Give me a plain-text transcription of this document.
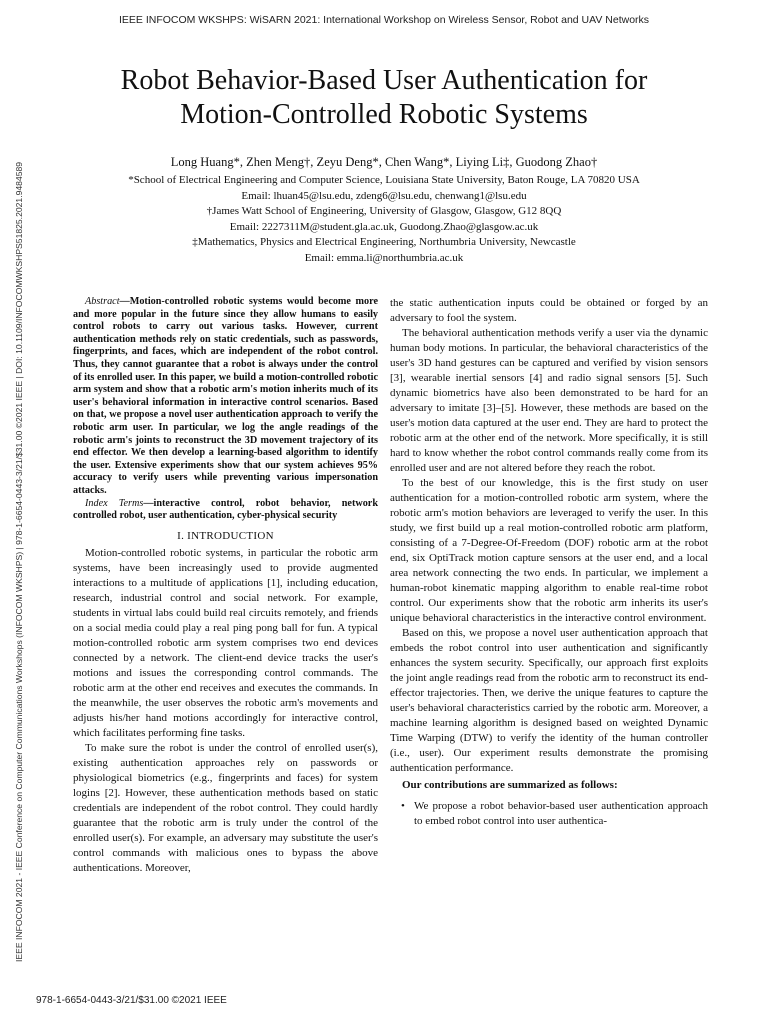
IEEE INFOCOM WKSHPS: WiSARN 2021: International Workshop on Wireless Sensor, Robot and UAV Networks
IEEE INFOCOM 2021 - IEEE Conference on Computer Communications Workshops (INFOCOM WKSHPS) | 978-1-6654-0443-3/21/$31.00 ©2021 IEEE | DOI: 10.1109/INFOCOMWKSHPS51825.2021.9484589
Robot Behavior-Based User Authentication for
Motion-Controlled Robotic Systems
Long Huang*, Zhen Meng†, Zeyu Deng*, Chen Wang*, Liying Li‡, Guodong Zhao†
*School of Electrical Engineering and Computer Science, Louisiana State University, Baton Rouge, LA 70820 USA
Email: lhuan45@lsu.edu, zdeng6@lsu.edu, chenwang1@lsu.edu
†James Watt School of Engineering, University of Glasgow, Glasgow, G12 8QQ
Email: 2227311M@student.gla.ac.uk, Guodong.Zhao@glasgow.ac.uk
‡Mathematics, Physics and Electrical Engineering, Northumbria University, Newcastle
Email: emma.li@northumbria.ac.uk

Abstract—Motion-controlled robotic systems would become more and more popular in the future since they allow humans to easily control robots to carry out various tasks. However, current authentication methods rely on static credentials, such as passwords, fingerprints, and faces, which are independent of the robot control. Thus, they cannot guarantee that a robot is always under the control of its enrolled user. In this paper, we build a motion-controlled robotic arm system and show that a robotic arm's motion inherits much of its user's behavioral information in interactive control scenarios. Based on that, we propose a novel user authentication approach to verify the robotic arm user. In particular, we log the angle readings of the robotic arm's joints to reconstruct the 3D movement trajectory of its end effector. We then develop a learning-based algorithm to identify the user. Extensive experiments show that our system achieves 95% accuracy to verify users while preventing various impersonation attacks.

Index Terms—interactive control, robot behavior, network controlled robot, user authentication, cyber-physical security

I. INTRODUCTION

Motion-controlled robotic systems, in particular the robotic arm systems, have been increasingly used to provide augmented interactions to a multitude of applications [1], including education, research, industrial control and social network. For example, students in virtual labs could build real circuits remotely, and friends on a social media could play a real ping pong ball for fun. A typical motion-controlled robotic arm system comprises two end devices connected by a network. The client-end device tracks the user's motions and issues the corresponding control commands. The robotic arm at the other end receives and executes the commands. In the meanwhile, the user observes the robotic arm's movements and adjusts his/her hand motions accordingly for interactive control, which facilitates performing fine tasks.

To make sure the robot is under the control of enrolled user(s), existing authentication approaches rely on passwords or physiological biometrics (e.g., fingerprints and faces) for system logins [2]. However, these authentication methods based on static credentials are independent of the robot control. They could hardly guarantee that the robotic arm is truly under the control of the enrolled user(s). For example, an adversary may substitute the user's control commands with malicious ones to bypass the above authentications. Moreover,

the static authentication inputs could be obtained or forged by an adversary to fool the system.

The behavioral authentication methods verify a user via the dynamic human body motions. In particular, the behavioral characteristics of the user's 3D hand gestures can be captured and verified by vision sensors [3], wearable inertial sensors [4] and radio signal sensors [5]. Such dynamic biometrics have also been demonstrated to be hard for an adversary to imitate [3]–[5]. However, these methods are based on the user's motion data captured at the user end. They are hard to protect the robotic arm at the other end of the network. More specifically, it is still hard to know whether the robot control commands really come from its enrolled user and are not altered before they reach the robot.

To the best of our knowledge, this is the first study on user authentication for a motion-controlled robotic arm system, where the robotic arm's motion behaviors are leveraged to verify the user. In this study, we first build up a real motion-controlled robotic arm platform, consisting of a 7-Degree-Of-Freedom (DOF) robotic arm at the robot end, six OptiTrack motion capture sensors at the user end, and a local area network connecting the two ends. In particular, we implement a human-robot kinematic mapping algorithm to enable real-time robot control. Our experiments show that the robotic arm inherits its user's unique behavioral characteristics in the interactive control environment.

Based on this, we propose a novel user authentication approach that embeds the robot control into user authentication and significantly enhances the system security. Specifically, our approach first exploits the joint angle readings read from the robotic arm to reconstruct its end-effector trajectories. Then, we derive the unique features to capture the user's behavioral characteristics carried by the robotic arm. Moreover, a machine learning algorithm is designed based on weighted Dynamic Time Warping (DTW) to verify the identity of the human controller (i.e., user). Our experiment results demonstrate the promising authentication performance.

Our contributions are summarized as follows:

• We propose a robot behavior-based user authentication approach to embed robot control into user authentica-

978-1-6654-0443-3/21/$31.00 ©2021 IEEE
